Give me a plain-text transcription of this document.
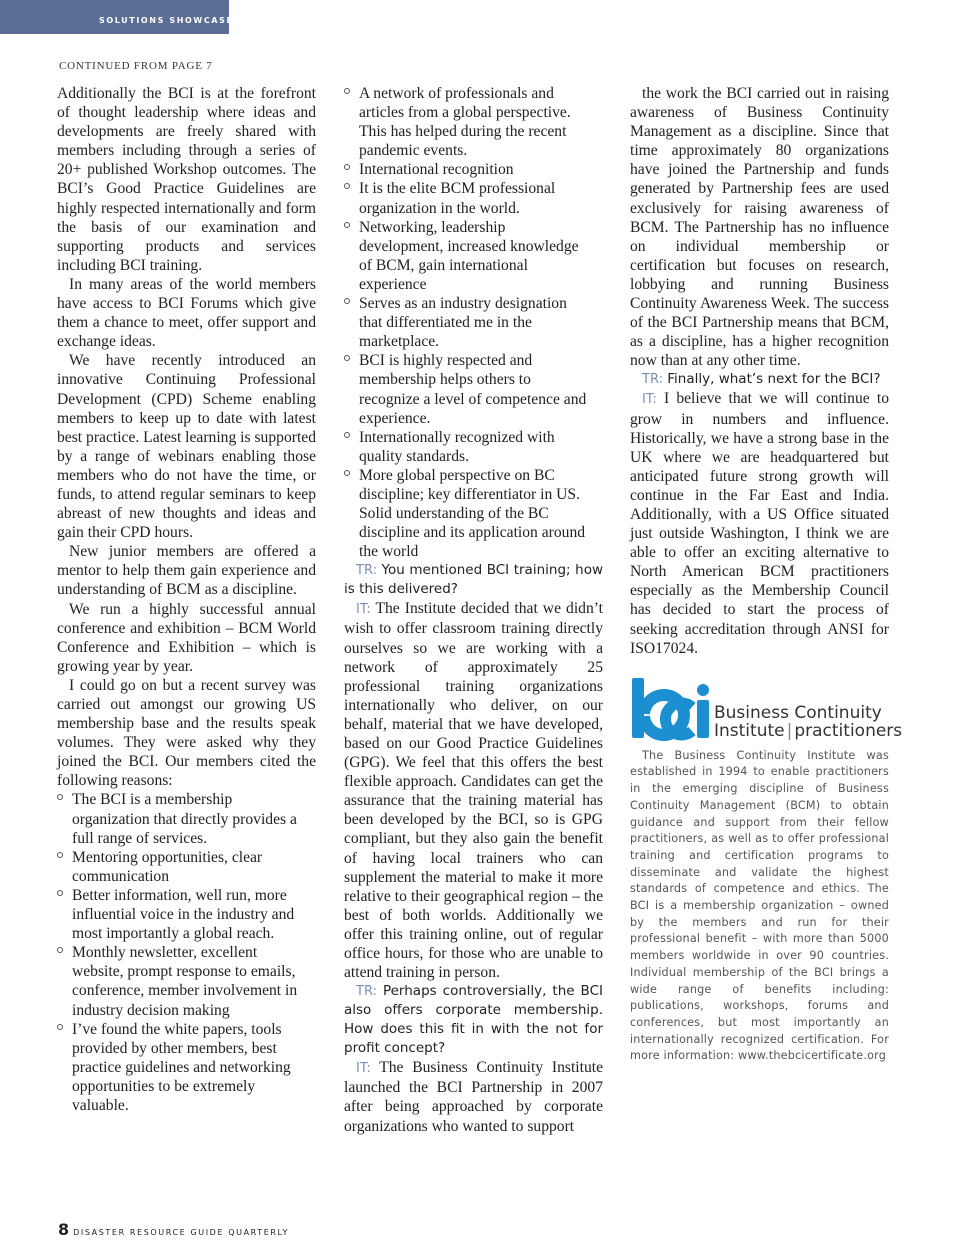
SOLUTIONS SHOWCASE
CONTINUED FROM PAGE 7

Additionally the BCI is at the forefront of thought leadership where ideas and developments are freely shared with members including through a series of 20+ published Workshop outcomes. The BCI’s Good Practice Guidelines are highly respected internationally and form the basis of our examination and supporting products and services including BCI training.

In many areas of the world members have access to BCI Forums which give them a chance to meet, offer support and exchange ideas.

We have recently introduced an innovative Continuing Professional Development (CPD) Scheme enabling members to keep up to date with latest best practice. Latest learning is supported by a range of webinars enabling those members who do not have the time, or funds, to attend regular seminars to keep abreast of new thoughts and ideas and gain their CPD hours.

New junior members are offered a mentor to help them gain experience and understanding of BCM as a discipline.

We run a highly successful annual conference and exhibition – BCM World Conference and Exhibition – which is growing year by year.

I could go on but a recent survey was carried out amongst our growing US membership base and the results speak volumes. They were asked why they joined the BCI. Our members cited the following reasons:

The BCI is a membership organization that directly provides a full range of services.
Mentoring opportunities, clear communication
Better information, well run, more influential voice in the industry and most importantly a global reach.
Monthly newsletter, excellent website, prompt response to emails, conference, member involvement in industry decision making
I’ve found the white papers, tools provided by other members, best practice guidelines and networking opportunities to be extremely valuable.
A network of professionals and articles from a global perspective. This has helped during the recent pandemic events.
International recognition
It is the elite BCM professional organization in the world.
Networking, leadership development, increased knowledge of BCM, gain international experience
Serves as an industry designation that differentiated me in the marketplace.
BCI is highly respected and membership helps others to recognize a level of competence and experience.
Internationally recognized with quality standards.
More global perspective on BC discipline; key differentiator in US. Solid understanding of the BC discipline and its application around the world

TR: You mentioned BCI training; how is this delivered?

IT: The Institute decided that we didn’t wish to offer classroom training directly ourselves so we are working with a network of approximately 25 professional training organizations internationally who deliver, on our behalf, material that we have developed, based on our Good Practice Guidelines (GPG). We feel that this offers the best flexible approach. Candidates can get the assurance that the training material has been developed by the BCI, so is GPG compliant, but they also gain the benefit of having local trainers who can supplement the material to make it more relative to their geographical region – the best of both worlds. Additionally we offer this training online, out of regular office hours, for those who are unable to attend training in person.

TR: Perhaps controversially, the BCI also offers corporate membership. How does this fit in with the not for profit concept?

IT: The Business Continuity Institute launched the BCI Partnership in 2007 after being approached by corporate organizations who wanted to support

the work the BCI carried out in raising awareness of Business Continuity Management as a discipline. Since that time approximately 80 organizations have joined the Partnership and funds generated by Partnership fees are used exclusively for raising awareness of BCM. The Partnership has no influence on individual membership or certification but focuses on research, lobbying and running Business Continuity Awareness Week. The success of the BCI Partnership means that BCM, as a discipline, has a higher recognition now than at any other time.

TR: Finally, what’s next for the BCI?

IT: I believe that we will continue to grow in numbers and influence. Historically, we have a strong base in the UK where we are headquartered but anticipated future strong growth will continue in the Far East and India. Additionally, with a US Office situated just outside Washington, I think we are able to offer an exciting alternative to North American BCM practitioners especially as the Membership Council has decided to start the process of seeking accreditation through ANSI for ISO17024.

Business Continuity
Institute | practitioners

The Business Continuity Institute was established in 1994 to enable practitioners in the emerging discipline of Business Continuity Management (BCM) to obtain guidance and support from their fellow practitioners, as well as to offer professional training and certification programs to disseminate and validate the highest standards of competence and ethics. The BCI is a membership organization – owned by the members and run for their professional benefit – with more than 5000 members worldwide in over 90 countries. Individual membership of the BCI brings a wide range of benefits including: publications, workshops, forums and conferences, but most importantly an internationally recognized certification. For more information: www.thebcicertificate.org

8 DISASTER RESOURCE GUIDE QUARTERLY
